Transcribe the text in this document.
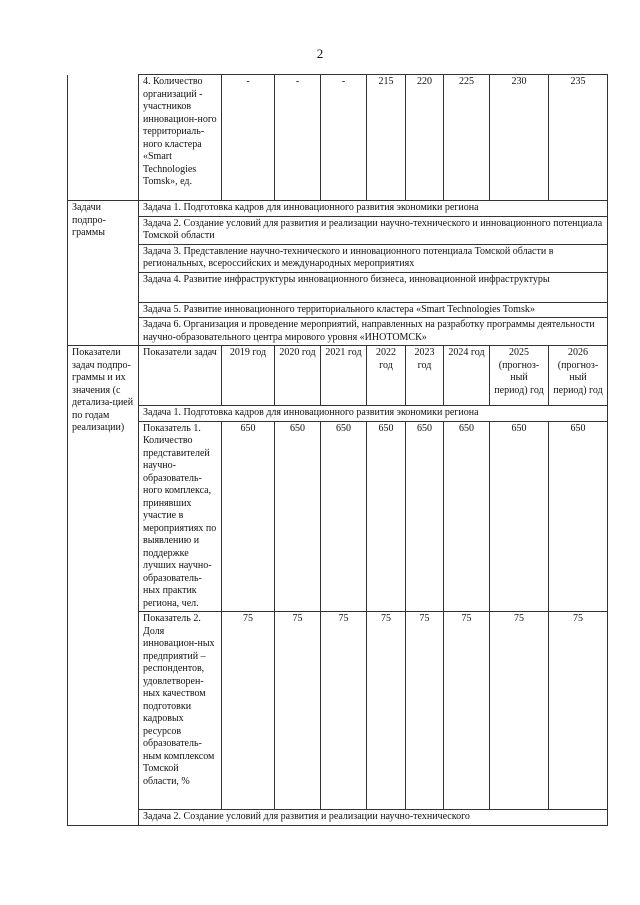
2
	4. Количество организаций - участников инновацион-ного территориаль-ного кластера «Smart Technologies Tomsk», ед.	-	-	-	215	220	225	230	235
Задачи подпро-граммы	Задача 1. Подготовка кадров для инновационного развития экономики региона								
	Задача 2. Создание условий для развития и реализации научно-технического и инновационного потенциала Томской области								
	Задача 3. Представление научно-технического и инновационного потенциала Томской области в региональных, всероссийских и международных мероприятиях								
	Задача 4. Развитие инфраструктуры инновационного бизнеса, инновационной инфраструктуры								
	Задача 5. Развитие инновационного территориального кластера «Smart Technologies Tomsk»								
	Задача 6. Организация и проведение мероприятий, направленных на разработку программы деятельности научно-образовательного центра мирового уровня «ИНОТОМСК»								
Показатели задач подпро-граммы и их значения (с детализа-цией по годам реализации)	Показатели задач	2019 год	2020 год	2021 год	2022 год	2023 год	2024 год	2025 (прогноз-ный период) год	2026 (прогноз-ный период) год
	Задача 1. Подготовка кадров для инновационного развития экономики региона								
	Показатель 1. Количество представителей научно-образователь-ного комплекса, принявших участие в мероприятиях по выявлению и поддержке лучших научно-образователь-ных практик региона, чел.	650	650	650	650	650	650	650	650
	Показатель 2. Доля инновацион-ных предприятий – респондентов, удовлетворен-ных качеством подготовки кадровых ресурсов образователь-ным комплексом Томской области, %	75	75	75	75	75	75	75	75
	Задача 2. Создание условий для развития и реализации научно-технического								
